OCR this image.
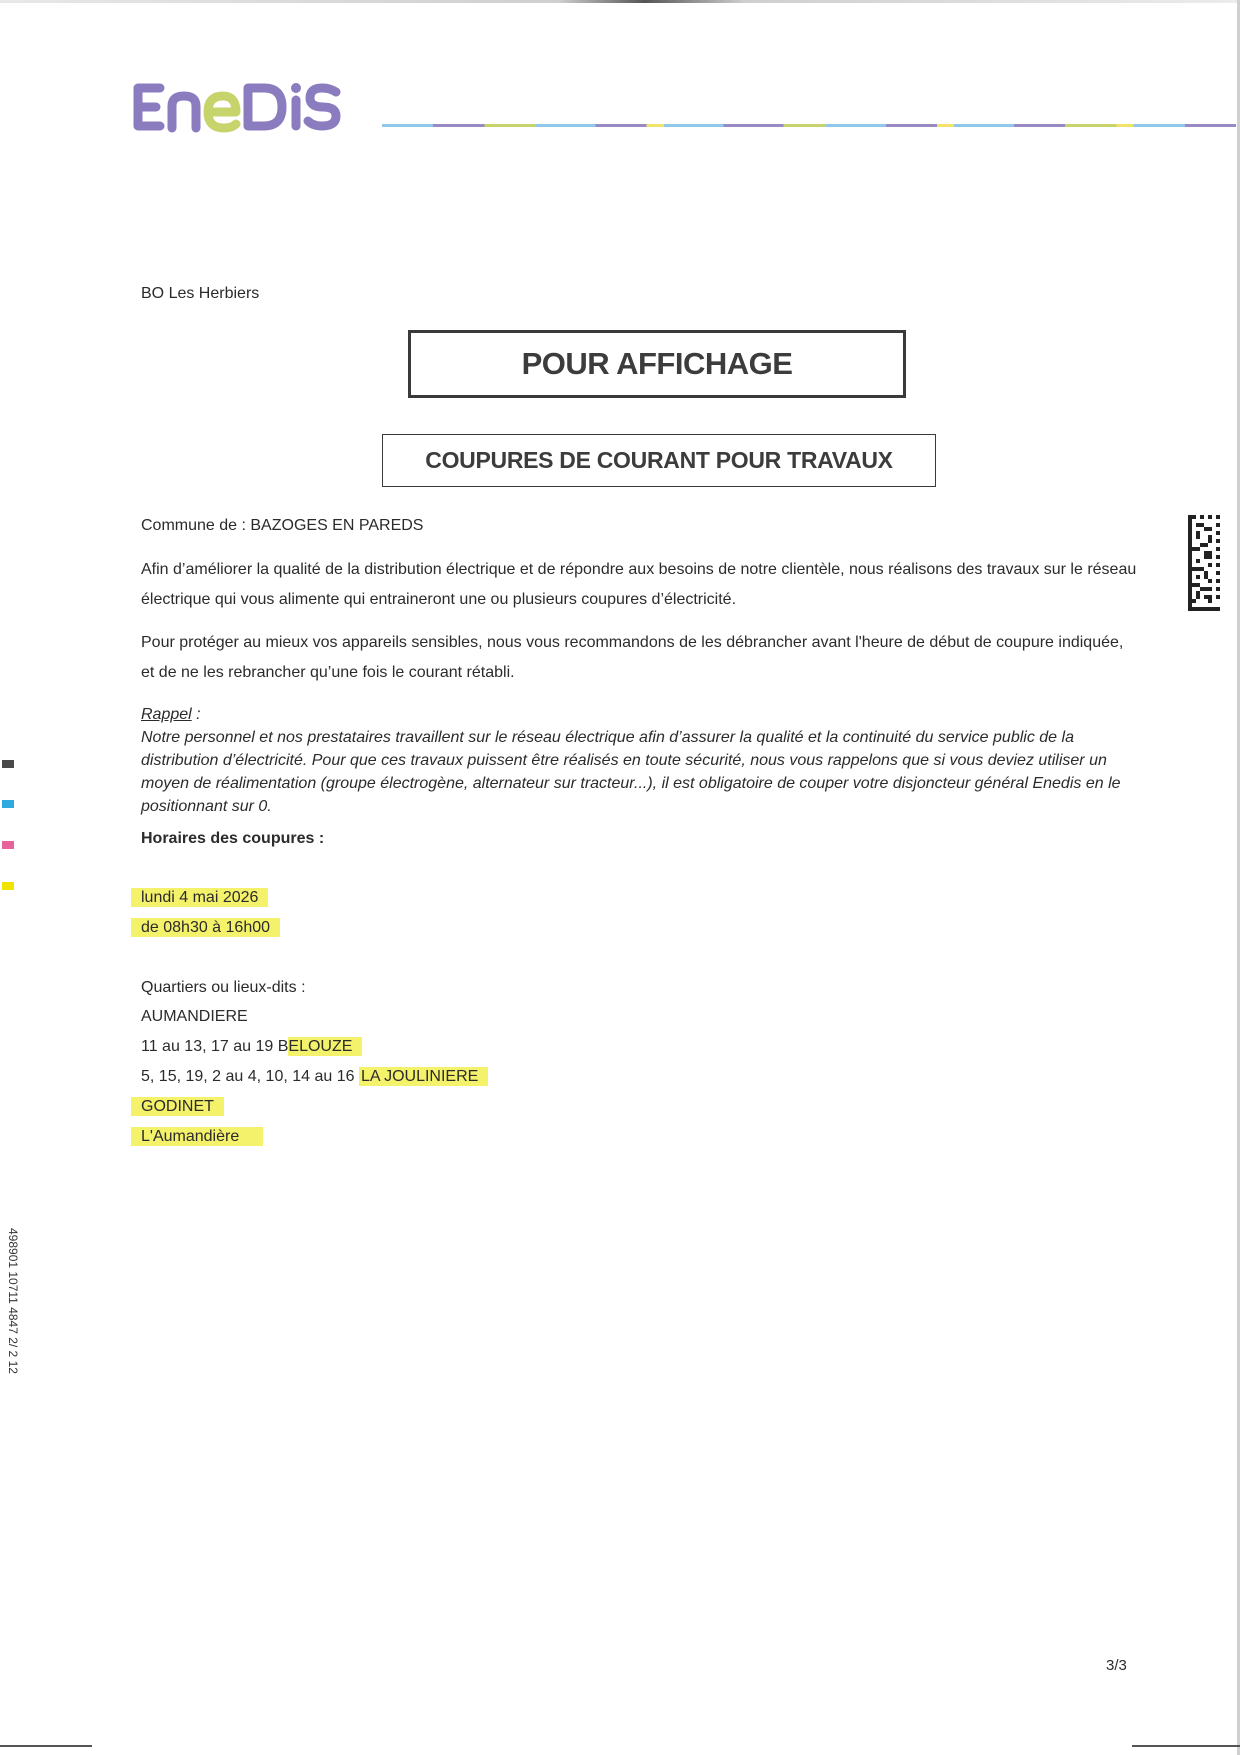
BO Les Herbiers
POUR AFFICHAGE
COUPURES DE COURANT POUR TRAVAUX
Commune de : BAZOGES EN PAREDS
Afin d’améliorer la qualité de la distribution électrique et de répondre aux besoins de notre clientèle, nous réalisons des travaux sur le réseau électrique qui vous alimente qui entraineront une ou plusieurs coupures d’électricité.
Pour protéger au mieux vos appareils sensibles, nous vous recommandons de les débrancher avant l'heure de début de coupure indiquée, et de ne les rebrancher qu’une fois le courant rétabli.
Rappel :
Notre personnel et nos prestataires travaillent sur le réseau électrique afin d’assurer la qualité et la continuité du service public de la distribution d’électricité. Pour que ces travaux puissent être réalisés en toute sécurité, nous vous rappelons que si vous deviez utiliser un moyen de réalimentation (groupe électrogène, alternateur sur tracteur...), il est obligatoire de couper votre disjoncteur général Enedis en le positionnant sur 0.
Horaires des coupures :
lundi 4 mai 2026
de 08h30 à 16h00
Quartiers ou lieux-dits :
AUMANDIERE
11 au 13, 17 au 19 BELOUZE
5, 15, 19, 2 au 4, 10, 14 au 16 LA JOULINIERE
GODINET
L'Aumandière
3/3
498901 10711 4847 2/ 2 12
